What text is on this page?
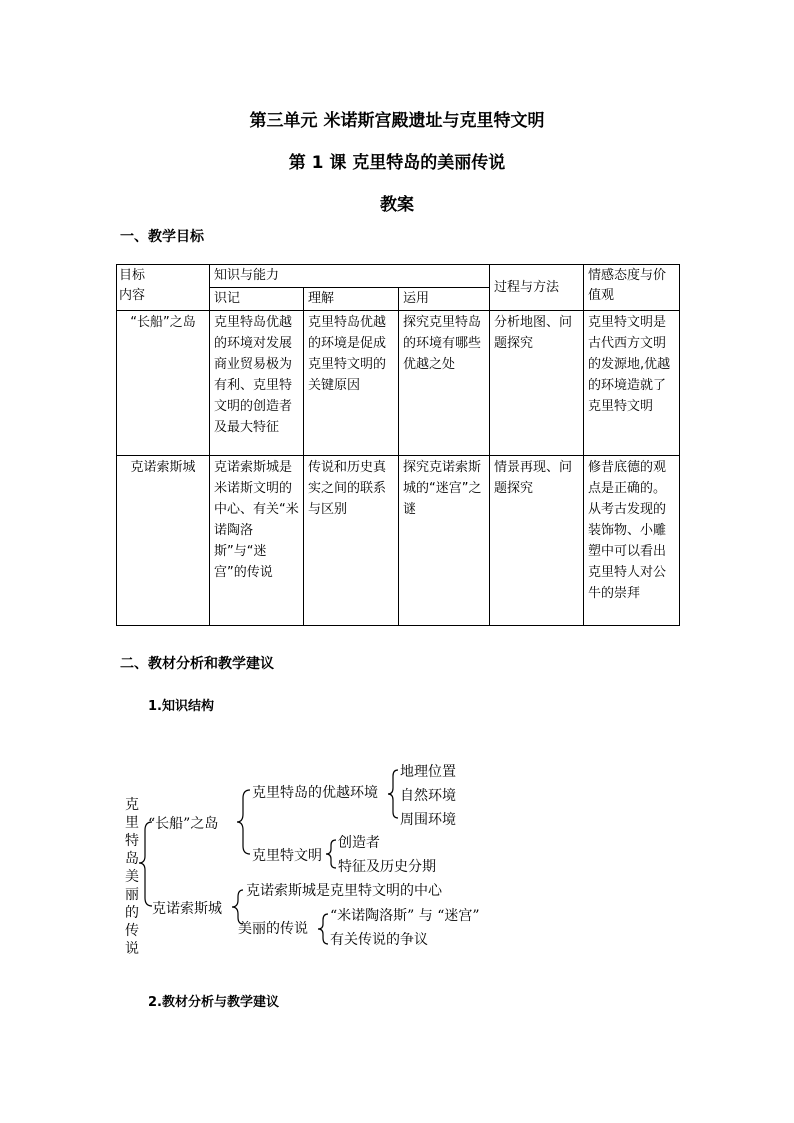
第三单元 米诺斯宫殿遗址与克里特文明
第 1 课 克里特岛的美丽传说
教案
一、教学目标
目标
内容	知识与能力			过程与方法	情感态度与价值观
	识记	理解	运用		
“长船”之岛	克里特岛优越的环境对发展商业贸易极为有利、克里特文明的创造者及最大特征	克里特岛优越的环境是促成克里特文明的关键原因	探究克里特岛的环境有哪些优越之处	分析地图、问题探究	克里特文明是古代西方文明的发源地,优越的环境造就了克里特文明
克诺索斯城	克诺索斯城是米诺斯文明的中心、有关“米诺陶洛斯”与“迷宫”的传说	传说和历史真实之间的联系与区别	探究克诺索斯城的“迷宫”之谜	情景再现、问题探究	修昔底德的观点是正确的。从考古发现的装饰物、小雕塑中可以看出克里特人对公牛的崇拜
二、教材分析和教学建议
1.知识结构
克
里
特
岛
美
丽
的
传
说
“长船”之岛
克里特岛的优越环境
地理位置
自然环境
周围环境
克里特文明
创造者
特征及历史分期
克诺索斯城
克诺索斯城是克里特文明的中心
美丽的传说
“米诺陶洛斯” 与 “迷宫”
有关传说的争议
2.教材分析与教学建议
